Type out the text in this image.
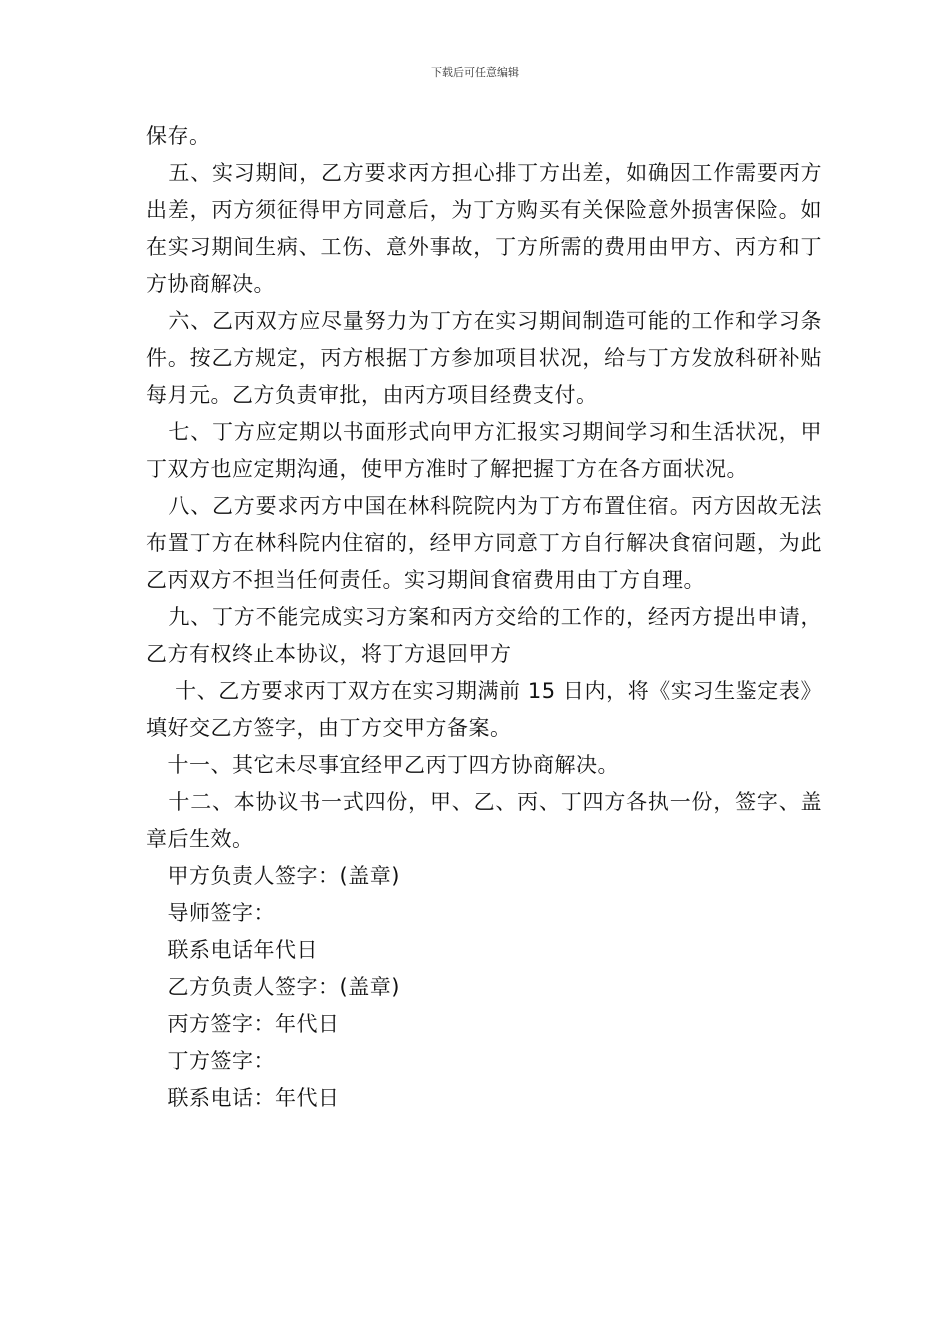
下载后可任意编辑

保存。

五、实习期间，乙方要求丙方担心排丁方出差，如确因工作需要丙方出差，丙方须征得甲方同意后，为丁方购买有关保险意外损害保险。如在实习期间生病、工伤、意外事故，丁方所需的费用由甲方、丙方和丁方协商解决。

六、乙丙双方应尽量努力为丁方在实习期间制造可能的工作和学习条件。按乙方规定，丙方根据丁方参加项目状况，给与丁方发放科研补贴每月元。乙方负责审批，由丙方项目经费支付。

七、丁方应定期以书面形式向甲方汇报实习期间学习和生活状况，甲丁双方也应定期沟通，使甲方准时了解把握丁方在各方面状况。

八、乙方要求丙方中国在林科院院内为丁方布置住宿。丙方因故无法布置丁方在林科院内住宿的，经甲方同意丁方自行解决食宿问题，为此乙丙双方不担当任何责任。实习期间食宿费用由丁方自理。

九、丁方不能完成实习方案和丙方交给的工作的，经丙方提出申请，乙方有权终止本协议，将丁方退回甲方

十、乙方要求丙丁双方在实习期满前 15 日内，将《实习生鉴定表》填好交乙方签字，由丁方交甲方备案。

十一、其它未尽事宜经甲乙丙丁四方协商解决。

十二、本协议书一式四份，甲、乙、丙、丁四方各执一份，签字、盖章后生效。

甲方负责人签字：(盖章)

导师签字：

联系电话年代日

乙方负责人签字：(盖章)

丙方签字：年代日

丁方签字：

联系电话：年代日
